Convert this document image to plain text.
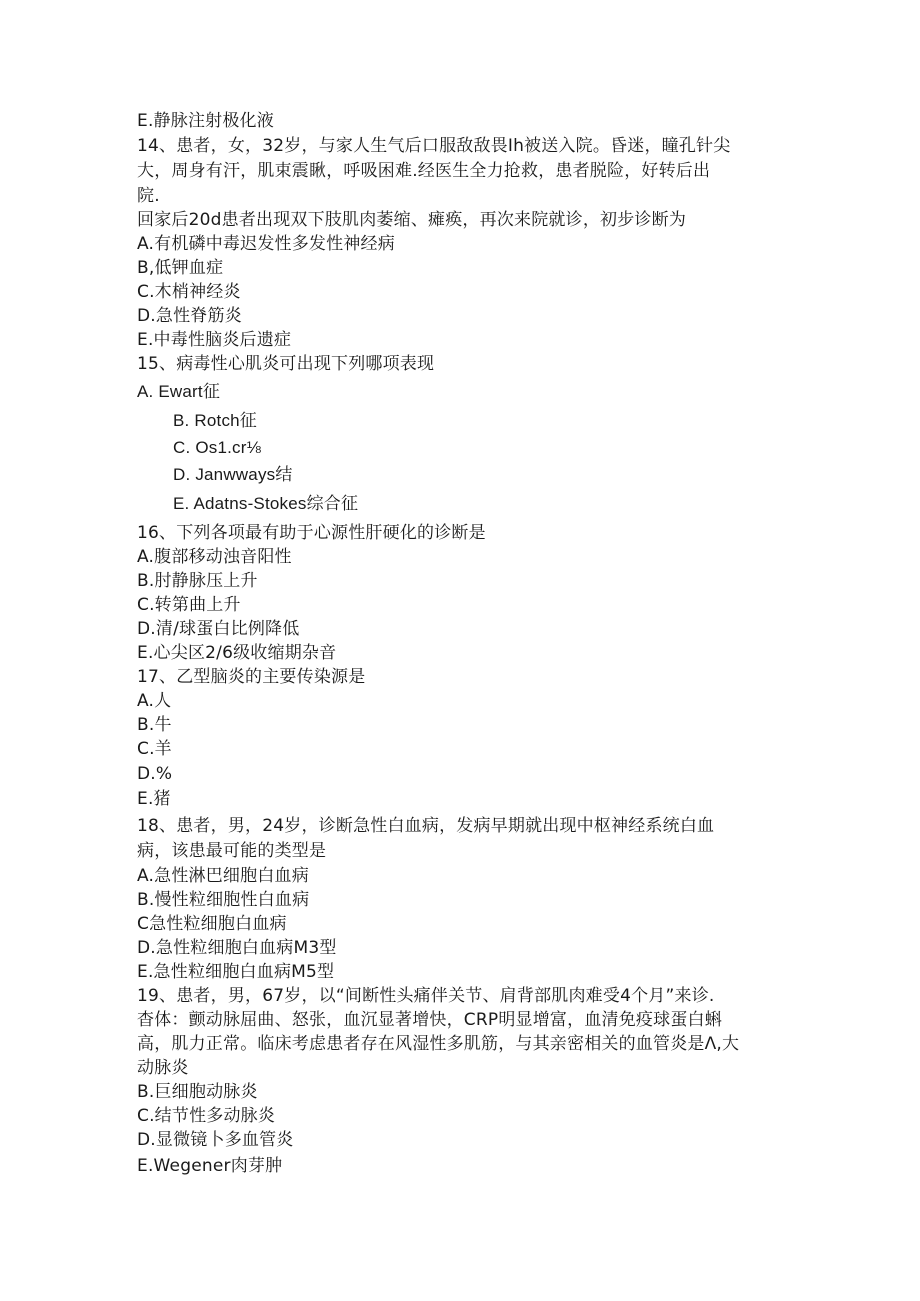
E.静脉注射极化液
14、患者，女，32岁，与家人生气后口服敌敌畏Ih被送入院。昏迷，瞳孔针尖
大，周身有汗，肌束震瞅，呼吸困难.经医生全力抢救，患者脱险，好转后出
院.
回家后20d患者出现双下肢肌肉萎缩、瘫痪，再次来院就诊，初步诊断为
A.有机磷中毒迟发性多发性神经病
B,低钾血症
C.木梢神经炎
D.急性脊筋炎
E.中毒性脑炎后遗症
15、病毒性心肌炎可出现下列哪项表现
A. Ewart征
B. Rotch征
C. Os1.cr⅛
D. Janwways结
E. Adatns-Stokes综合征
16、下列各项最有助于心源性肝硬化的诊断是
A.腹部移动浊音阳性
B.肘静脉压上升
C.转第曲上升
D.清/球蛋白比例降低
E.心尖区2/6级收缩期杂音
17、乙型脑炎的主要传染源是
A.人
B.牛
C.羊
D.%
E.猪
18、患者，男，24岁，诊断急性白血病，发病早期就出现中枢神经系统白血
病，该患最可能的类型是
A.急性淋巴细胞白血病
B.慢性粒细胞性白血病
C急性粒细胞白血病
D.急性粒细胞白血病M3型
E.急性粒细胞白血病M5型
19、患者，男，67岁，以“间断性头痛伴关节、肩背部肌肉难受4个月”来诊.
杳体：颤动脉屈曲、怒张，血沉显著增快，CRP明显增富，血清免疫球蛋白蝌
高，肌力正常。临床考虑患者存在风湿性多肌筋，与其亲密相关的血管炎是Λ,大
动脉炎
B.巨细胞动脉炎
C.结节性多动脉炎
D.显微镜卜多血管炎
E.Wegener肉芽肿
